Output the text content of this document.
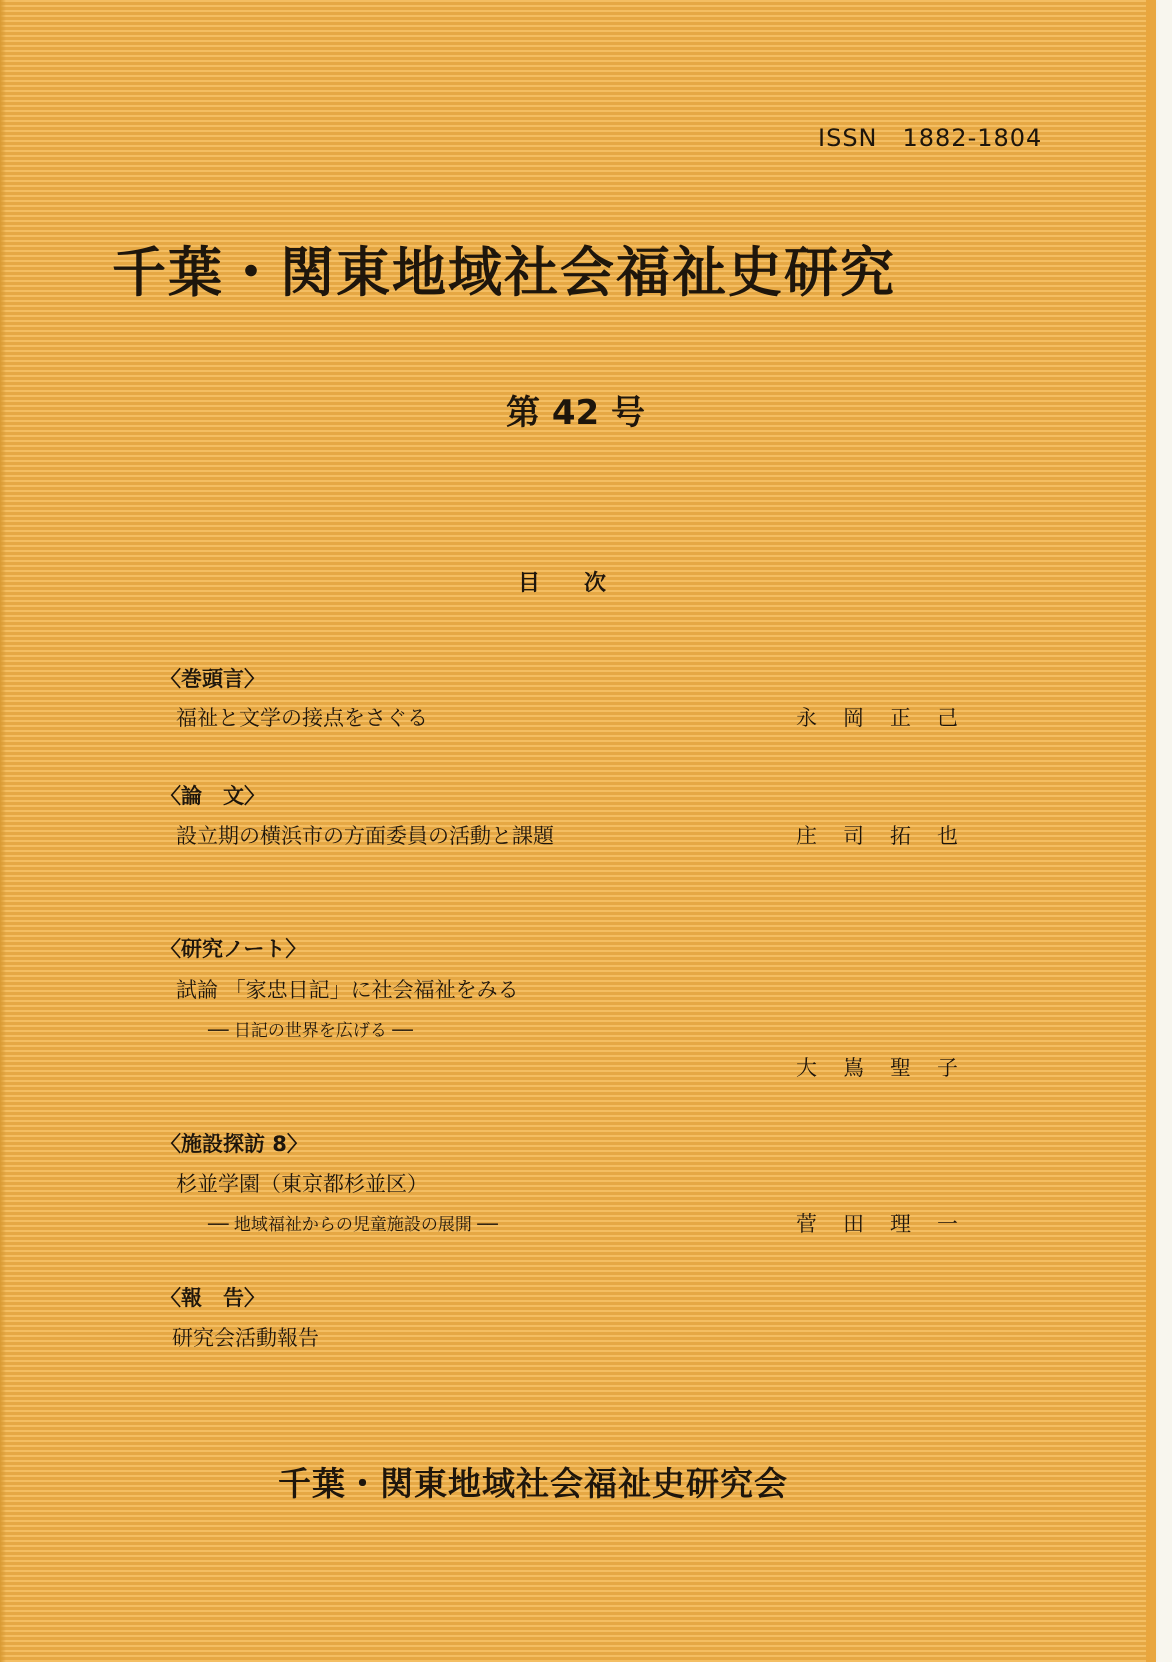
ISSN　1882-1804
千葉・関東地域社会福祉史研究
第 42 号
目次
〈巻頭言〉
福祉と文学の接点をさぐる	永岡正己
〈論　文〉
設立期の横浜市の方面委員の活動と課題	庄司拓也
〈研究ノート〉
試論 「家忠日記」に社会福祉をみる
── 日記の世界を広げる ──
大嶌聖子
〈施設探訪 8〉
杉並学園（東京都杉並区）
── 地域福祉からの児童施設の展開 ──	菅田理一
〈報　告〉
研究会活動報告
千葉・関東地域社会福祉史研究会
